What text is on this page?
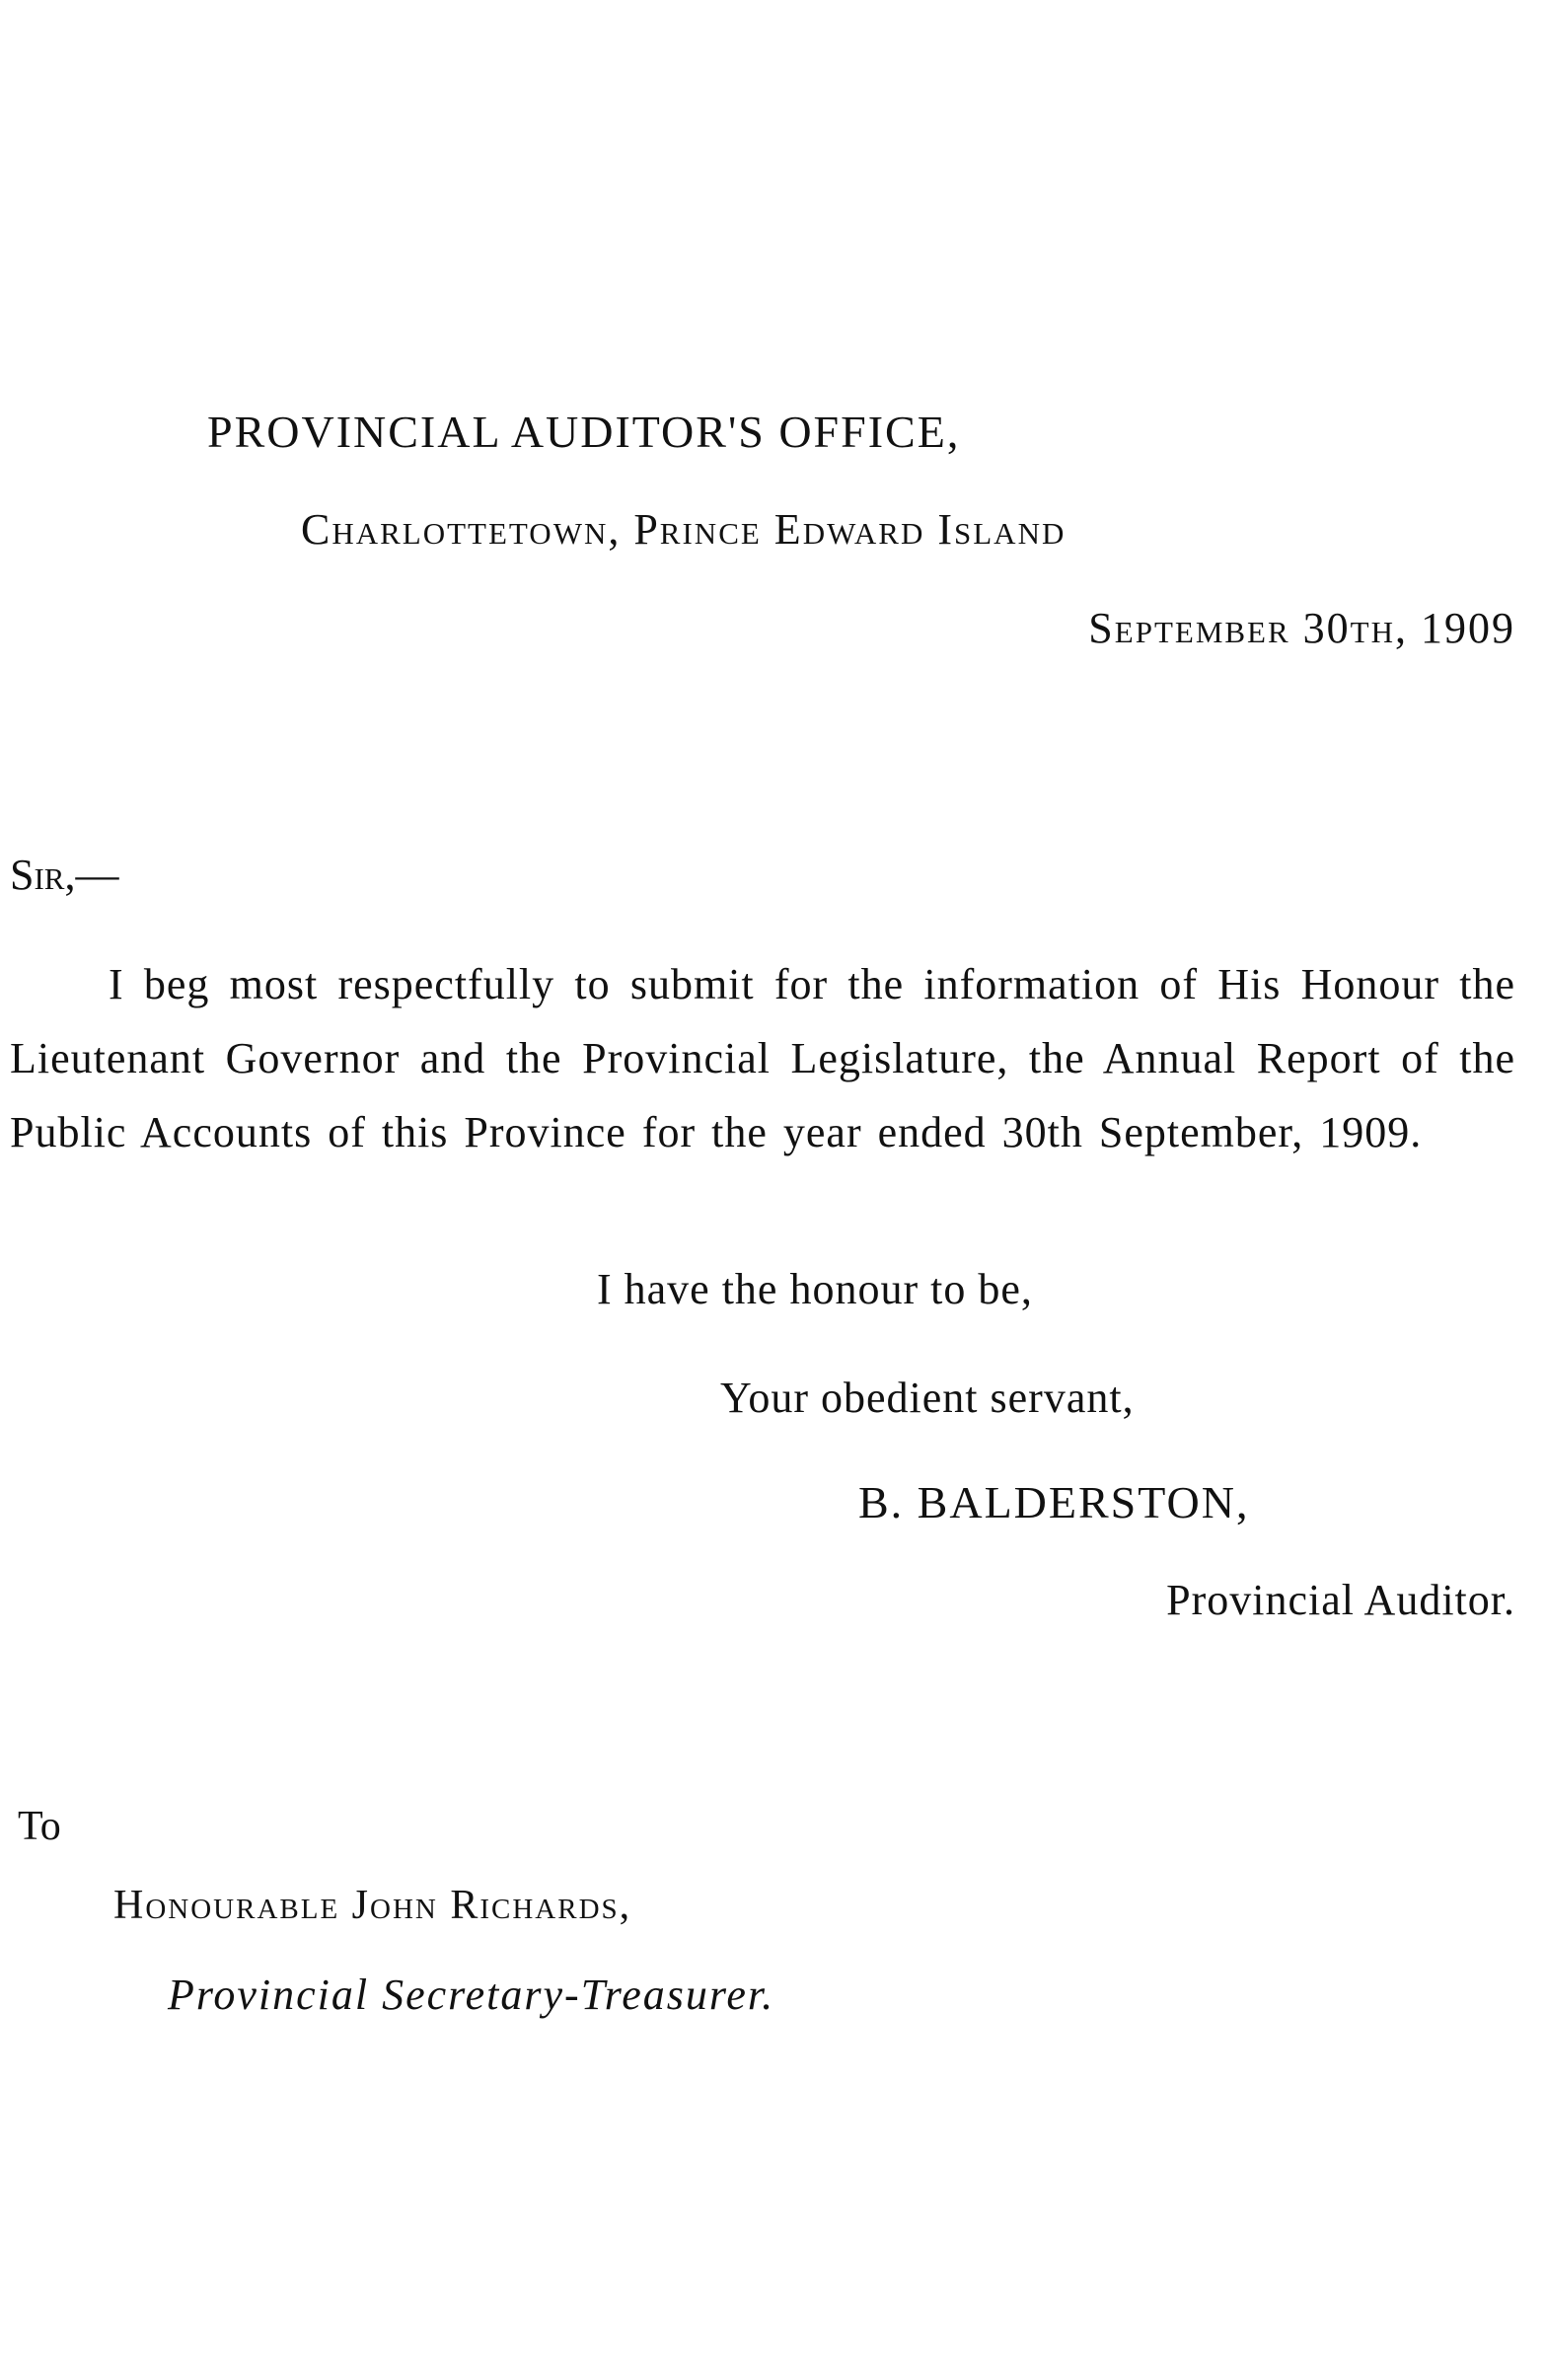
PROVINCIAL AUDITOR'S OFFICE,
Charlottetown, Prince Edward Island
September 30th, 1909
Sir,—
I beg most respectfully to submit for the information of His Honour the Lieutenant Governor and the Provincial Legislature, the Annual Report of the Public Accounts of this Province for the year ended 30th September, 1909.
I have the honour to be,
Your obedient servant,
B. BALDERSTON,
Provincial Auditor.
To
Honourable John Richards,
Provincial Secretary-Treasurer.
